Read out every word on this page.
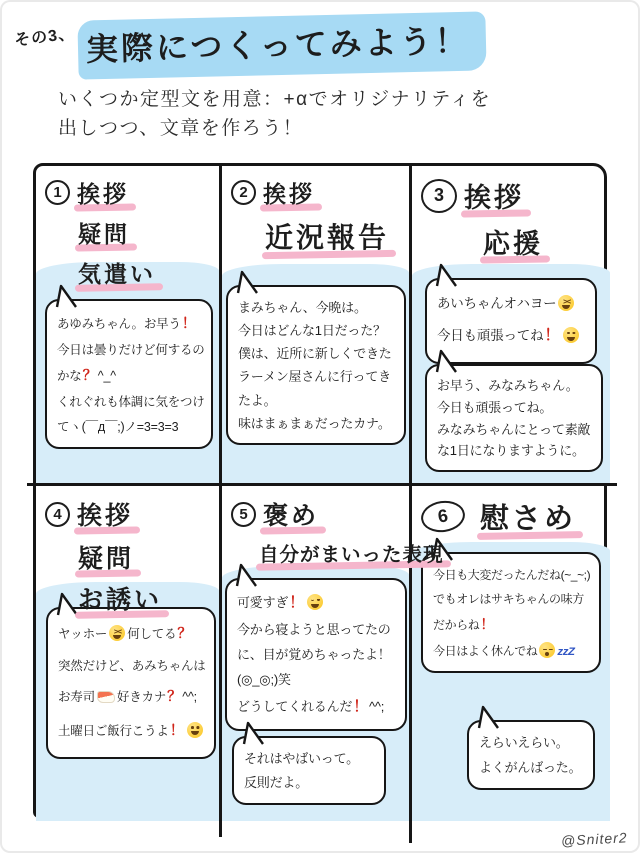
その3、 実際につくってみよう！
いくつか定型文を用意：+αでオリジナリティを
出しつつ、文章を作ろう！
1 挨拶
疑問
気遣い
あゆみちゃん。お早う！
今日は曇りだけど何するの
かな？^_^
くれぐれも体調に気をつけ
てヽ(￣д￣;)ノ=3=3=3
2 挨拶
近況報告
まみちゃん、今晩は。
今日はどんな1日だった？
僕は、近所に新しくできた
ラーメン屋さんに行ってき
たよ。
味はまぁまぁだったカナ。
3 挨拶
応援
あいちゃんオハヨー><
今日も頑張ってね！
お早う、みなみちゃん。
今日も頑張ってね。
みなみちゃんにとって素敵
な1日になりますように。
4 挨拶
疑問
お誘い
ヤッホー >< 何してる？
突然だけど、あみちゃんは
お寿司 好きカナ？^^;
土曜日ご飯行こうよ！
6	慰さめ
今日も大変だったんだね(~_~;)
でもオレはサキちゃんの味方
だからね！
今日はよく休んでね zzZ
えらいえらい。
よくがんばった。
5 褒め
自分がまいった表現
可愛すぎ！
今から寝ようと思ってたの
に、目が覚めちゃったよ！
(◎_◎;)笑
どうしてくれるんだ！^^;
それはやばいって。
反則だよ。
@Sniter2
